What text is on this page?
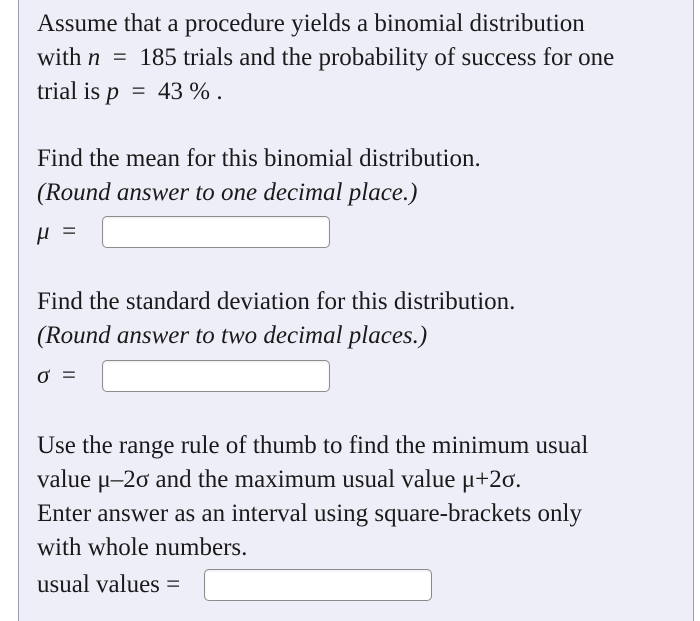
Assume that a procedure yields a binomial distribution
with n = 185 trials and the probability of success for one
trial is p = 43 % .
Find the mean for this binomial distribution.
(Round answer to one decimal place.)
μ =
Find the standard deviation for this distribution.
(Round answer to two decimal places.)
σ =
Use the range rule of thumb to find the minimum usual
value μ–2σ and the maximum usual value μ+2σ.
Enter answer as an interval using square-brackets only
with whole numbers.
usual values =
